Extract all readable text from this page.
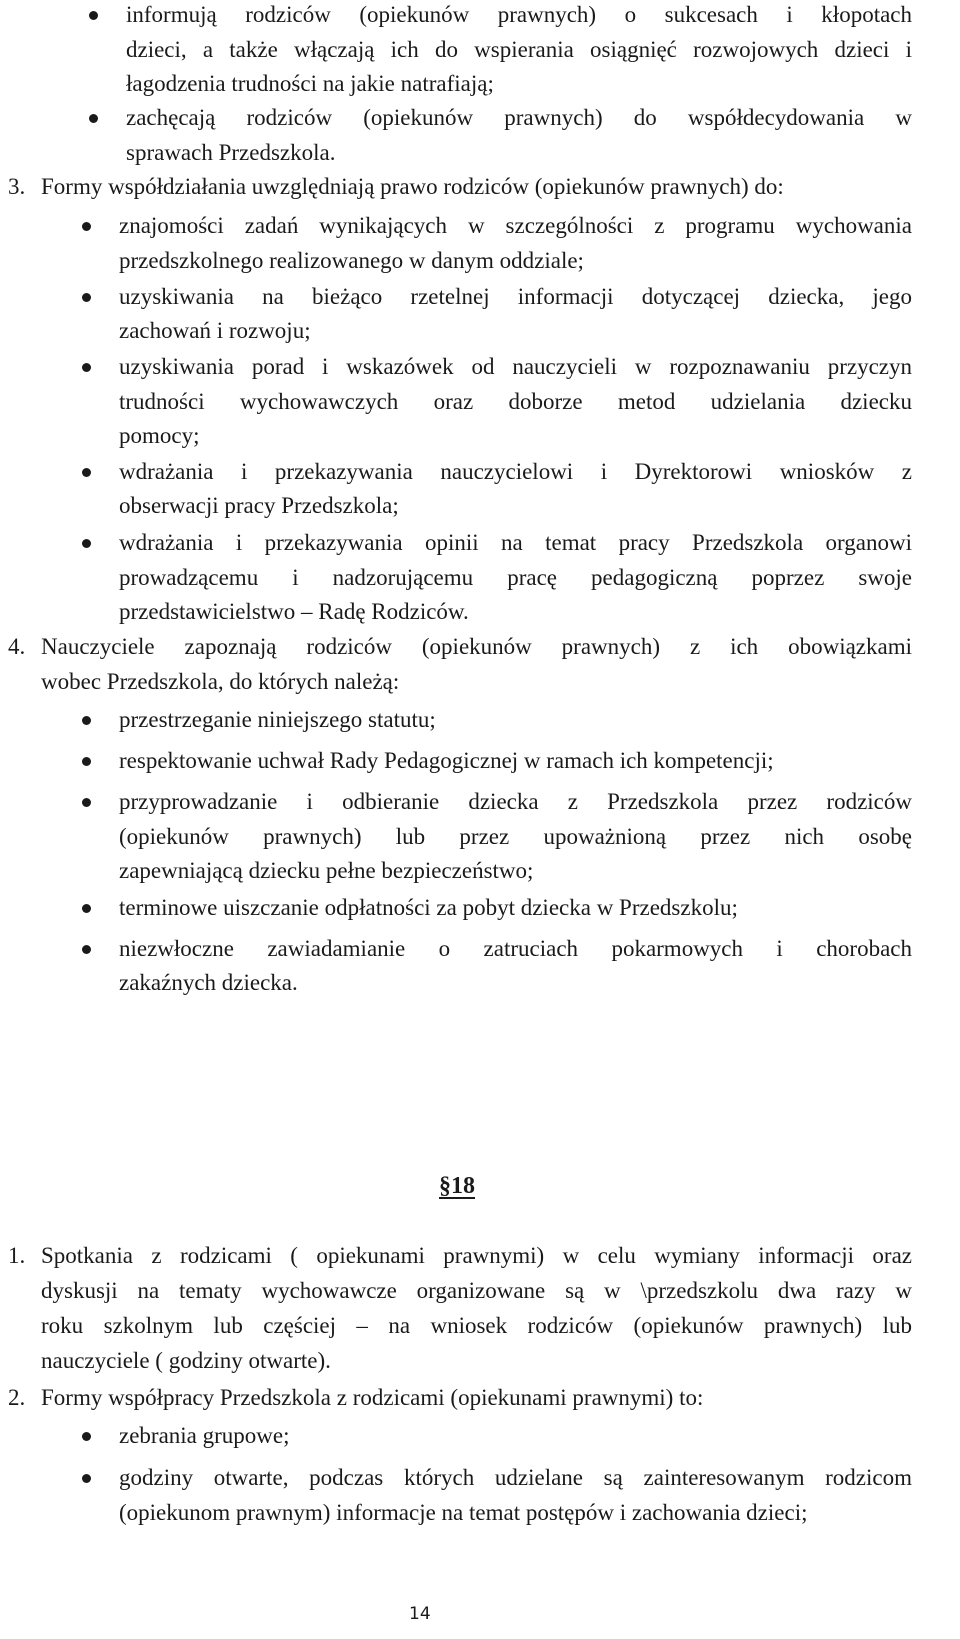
informują rodziców (opiekunów prawnych) o sukcesach i kłopotach
dzieci, a także włączają ich do wspierania osiągnięć rozwojowych dzieci i
łagodzenia trudności na jakie natrafiają;
zachęcają rodziców (opiekunów prawnych) do współdecydowania w
sprawach Przedszkola.
3. Formy współdziałania uwzględniają prawo rodziców (opiekunów prawnych) do:
znajomości zadań wynikających w szczególności z programu wychowania
przedszkolnego realizowanego w danym oddziale;
uzyskiwania na bieżąco rzetelnej informacji dotyczącej dziecka, jego
zachowań i rozwoju;
uzyskiwania porad i wskazówek od nauczycieli w rozpoznawaniu przyczyn
trudności wychowawczych oraz doborze metod udzielania dziecku
pomocy;
wdrażania i przekazywania nauczycielowi i Dyrektorowi wniosków z
obserwacji pracy Przedszkola;
wdrażania i przekazywania opinii na temat pracy Przedszkola organowi
prowadzącemu i nadzorującemu pracę pedagogiczną poprzez swoje
przedstawicielstwo – Radę Rodziców.
4. Nauczyciele zapoznają rodziców (opiekunów prawnych) z ich obowiązkami
wobec Przedszkola, do których należą:
przestrzeganie niniejszego statutu;
respektowanie uchwał Rady Pedagogicznej w ramach ich kompetencji;
przyprowadzanie i odbieranie dziecka z Przedszkola przez rodziców
(opiekunów prawnych) lub przez upoważnioną przez nich osobę
zapewniającą dziecku pełne bezpieczeństwo;
terminowe uiszczanie odpłatności za pobyt dziecka w Przedszkolu;
niezwłoczne zawiadamianie o zatruciach pokarmowych i chorobach
zakaźnych dziecka.
§18
1. Spotkania z rodzicami ( opiekunami prawnymi) w celu wymiany informacji oraz
dyskusji na tematy wychowawcze organizowane są w \przedszkolu dwa razy w
roku szkolnym lub częściej – na wniosek rodziców (opiekunów prawnych) lub
nauczyciele ( godziny otwarte).
2. Formy współpracy Przedszkola z rodzicami (opiekunami prawnymi) to:
zebrania grupowe;
godziny otwarte, podczas których udzielane są zainteresowanym rodzicom
(opiekunom prawnym) informacje na temat postępów i zachowania dzieci;
14
